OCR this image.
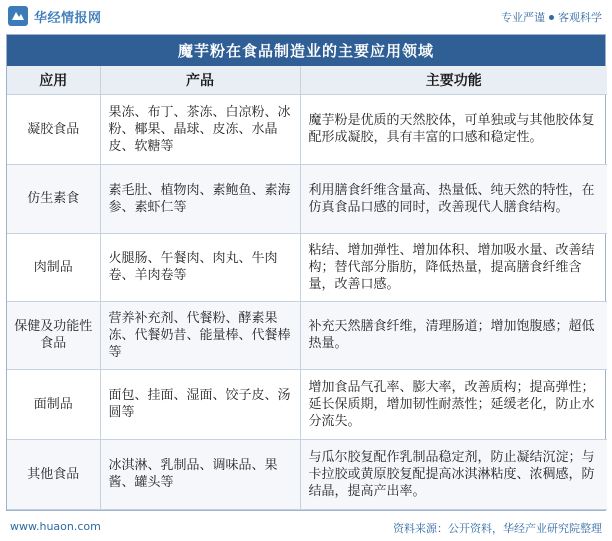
华经情报网	专业严谨 客观科学
魔芋粉在食品制造业的主要应用领域
应用	产品	主要功能
凝胶食品	果冻、布丁、茶冻、白凉粉、冰粉、椰果、晶球、皮冻、水晶皮、软糖等	魔芋粉是优质的天然胶体，可单独或与其他胶体复配形成凝胶，具有丰富的口感和稳定性。
仿生素食	素毛肚、植物肉、素鲍鱼、素海参、素虾仁等	利用膳食纤维含量高、热量低、纯天然的特性，在仿真食品口感的同时，改善现代人膳食结构。
肉制品	火腿肠、午餐肉、肉丸、牛肉卷、羊肉卷等	粘结、增加弹性、增加体积、增加吸水量、改善结构；替代部分脂肪，降低热量，提高膳食纤维含量，改善口感。
保健及功能性食品	营养补充剂、代餐粉、酵素果冻、代餐奶昔、能量棒、代餐棒等	补充天然膳食纤维，清理肠道；增加饱腹感；超低热量。
面制品	面包、挂面、湿面、饺子皮、汤圆等	增加食品气孔率、膨大率，改善质构；提高弹性；延长保质期，增加韧性耐蒸性；延缓老化，防止水分流失。
其他食品	冰淇淋、乳制品、调味品、果酱、罐头等	与瓜尔胶复配作乳制品稳定剂，防止凝结沉淀；与卡拉胶或黄原胶复配提高冰淇淋粘度、浓稠感，防结晶，提高产出率。
www.huaon.com	资料来源：公开资料，华经产业研究院整理
